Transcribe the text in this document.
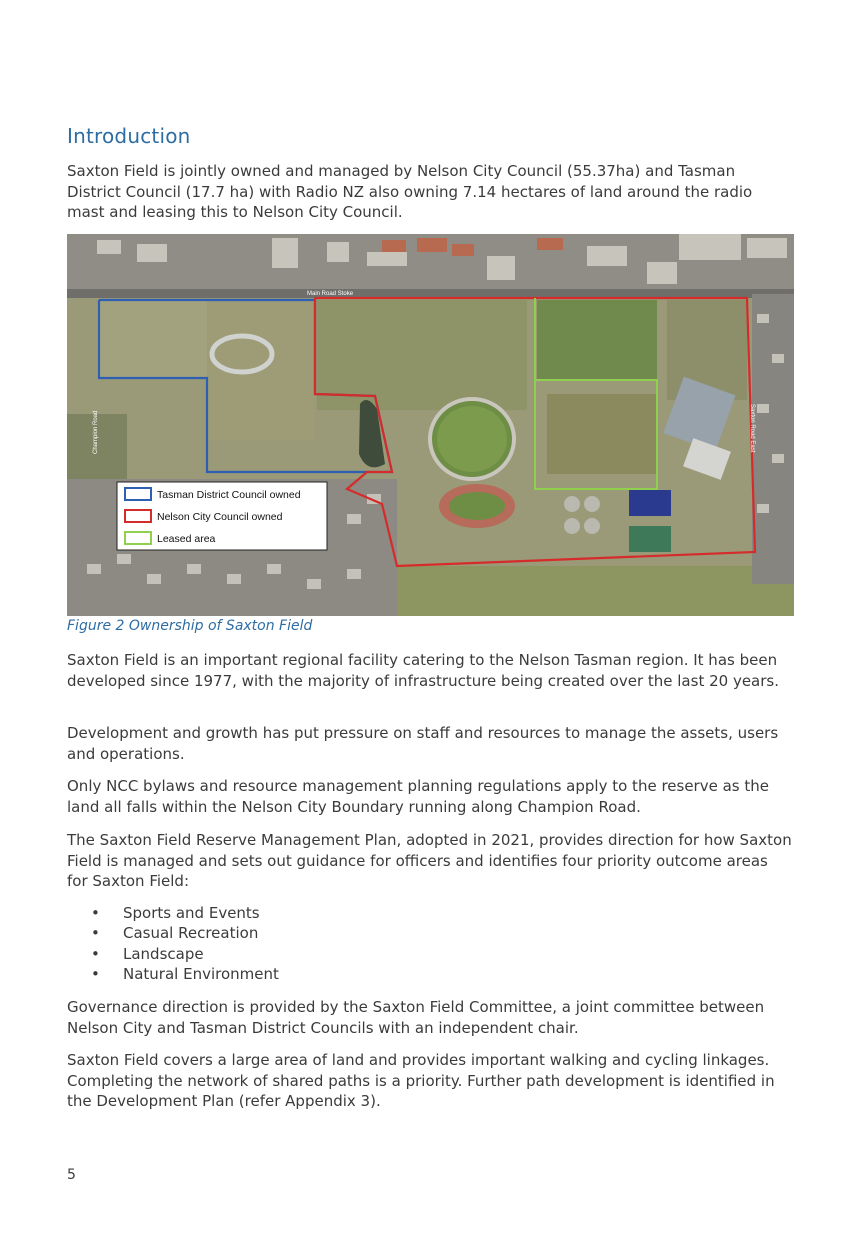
Introduction

Saxton Field is jointly owned and managed by Nelson City Council (55.37ha) and Tasman District Council (17.7 ha) with Radio NZ also owning 7.14 hectares of land around the radio mast and leasing this to Nelson City Council.

Main Road Stoke
Champion Road	Saxton Road East
Tasman District Council owned
Nelson City Council owned
Leased area

Figure 2 Ownership of Saxton Field

Saxton Field is an important regional facility catering to the Nelson Tasman region. It has been developed since 1977, with the majority of infrastructure being created over the last 20 years.

Development and growth has put pressure on staff and resources to manage the assets, users and operations.

Only NCC bylaws and resource management planning regulations apply to the reserve as the land all falls within the Nelson City Boundary running along Champion Road.

The Saxton Field Reserve Management Plan, adopted in 2021, provides direction for how Saxton Field is managed and sets out guidance for officers and identifies four priority outcome areas for Saxton Field:

• Sports and Events
• Casual Recreation
• Landscape
• Natural Environment

Governance direction is provided by the Saxton Field Committee, a joint committee between Nelson City and Tasman District Councils with an independent chair.

Saxton Field covers a large area of land and provides important walking and cycling linkages. Completing the network of shared paths is a priority. Further path development is identified in the Development Plan (refer Appendix 3).

5
